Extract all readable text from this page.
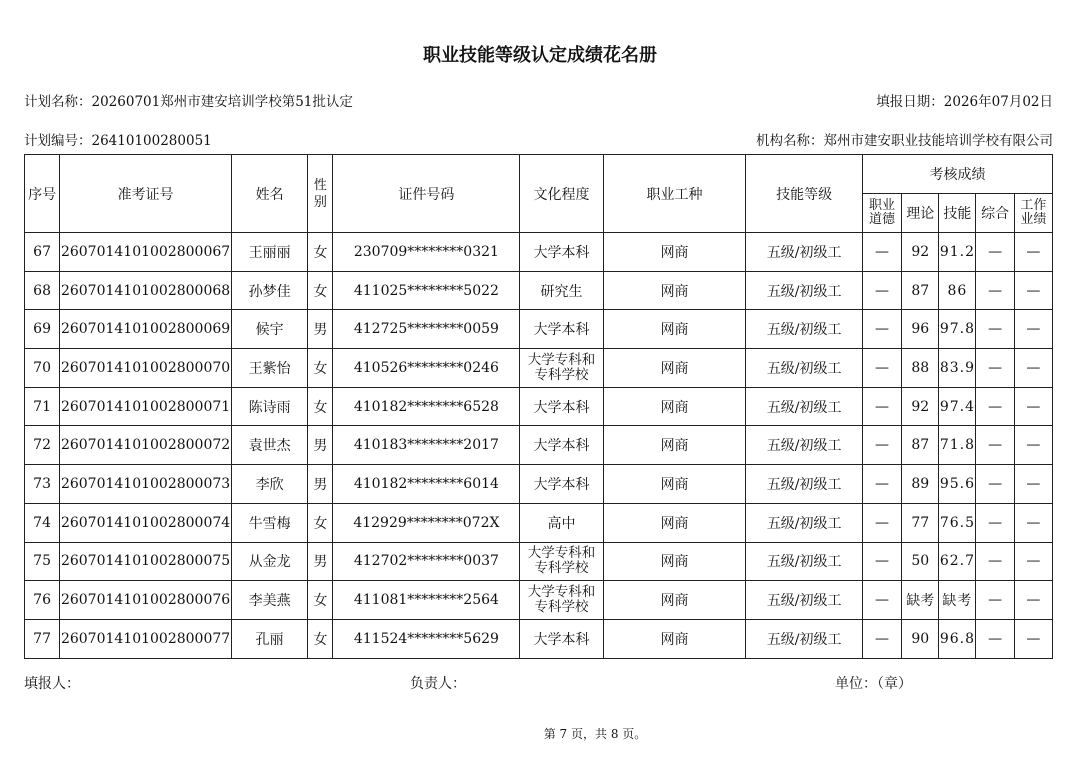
职业技能等级认定成绩花名册
计划名称：20260701郑州市建安培训学校第51批认定	填报日期：2026年07月02日
计划编号：26410100280051	机构名称：郑州市建安职业技能培训学校有限公司
序号	准考证号	姓名	性
别	证件号码	文化程度	职业工种	技能等级	考核成绩				
								职业
道德	理论	技能	综合	工作
业绩
67	2607014101002800067	王丽丽	女	230709********0321	大学本科	网商	五级/初级工	—	92	91.2	—	—
68	2607014101002800068	孙梦佳	女	411025********5022	研究生	网商	五级/初级工	—	87	86	—	—
69	2607014101002800069	候宇	男	412725********0059	大学本科	网商	五级/初级工	—	96	97.8	—	—
70	2607014101002800070	王紫怡	女	410526********0246	大学专科和
专科学校	网商	五级/初级工	—	88	83.9	—	—
71	2607014101002800071	陈诗雨	女	410182********6528	大学本科	网商	五级/初级工	—	92	97.4	—	—
72	2607014101002800072	袁世杰	男	410183********2017	大学本科	网商	五级/初级工	—	87	71.8	—	—
73	2607014101002800073	李欣	男	410182********6014	大学本科	网商	五级/初级工	—	89	95.6	—	—
74	2607014101002800074	牛雪梅	女	412929********072X	高中	网商	五级/初级工	—	77	76.5	—	—
75	2607014101002800075	从金龙	男	412702********0037	大学专科和
专科学校	网商	五级/初级工	—	50	62.7	—	—
76	2607014101002800076	李美燕	女	411081********2564	大学专科和
专科学校	网商	五级/初级工	—	缺考	缺考	—	—
77	2607014101002800077	孔丽	女	411524********5629	大学本科	网商	五级/初级工	—	90	96.8	—	—
填报人：	负责人：	单位：（章）
第 7 页，共 8 页。
